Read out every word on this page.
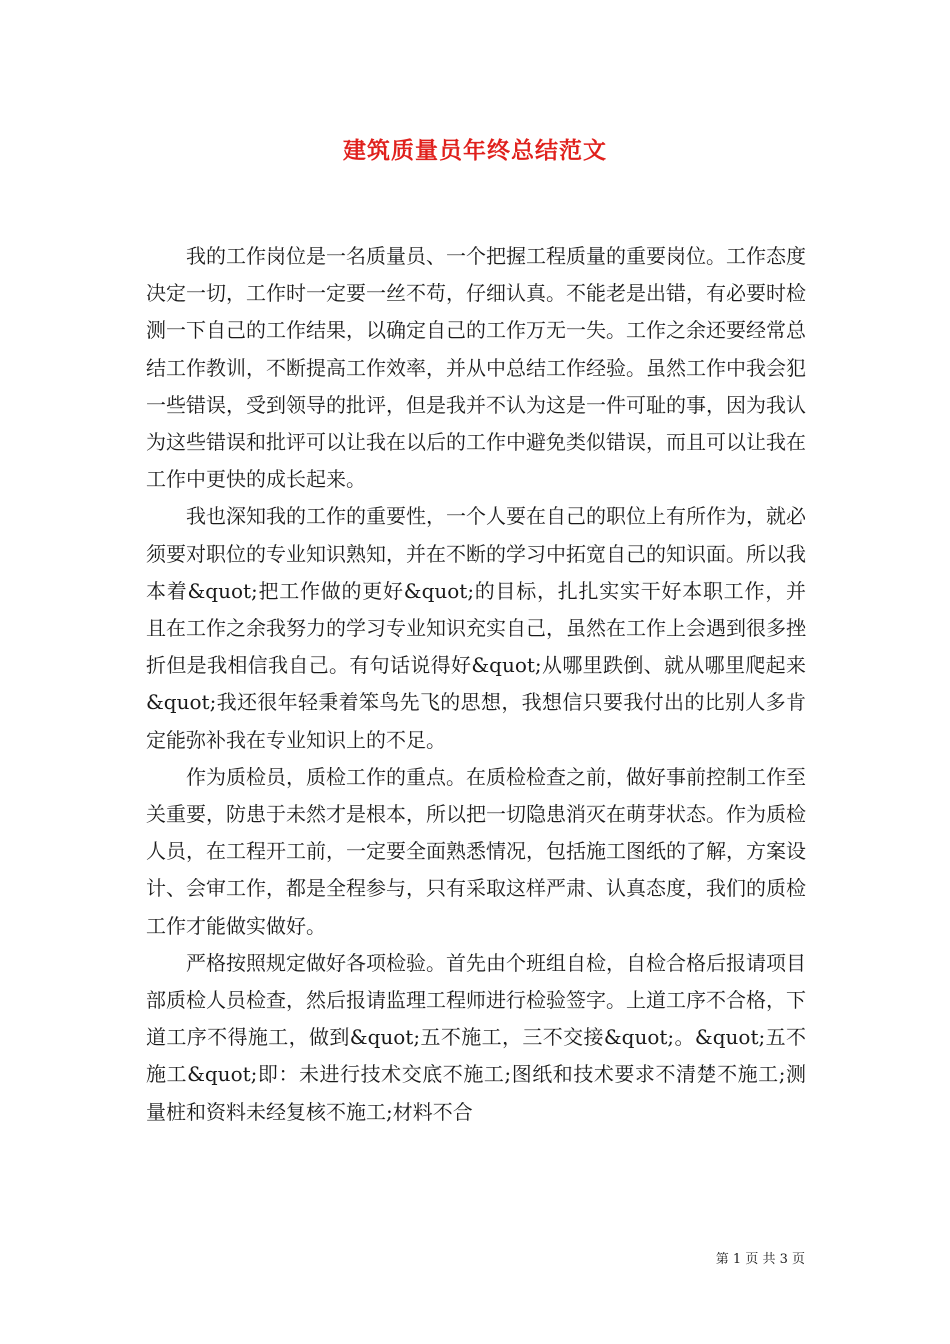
建筑质量员年终总结范文

我的工作岗位是一名质量员、一个把握工程质量的重要岗位。工作态度决定一切，工作时一定要一丝不苟，仔细认真。不能老是出错，有必要时检测一下自己的工作结果，以确定自己的工作万无一失。工作之余还要经常总结工作教训，不断提高工作效率，并从中总结工作经验。虽然工作中我会犯一些错误，受到领导的批评，但是我并不认为这是一件可耻的事，因为我认为这些错误和批评可以让我在以后的工作中避免类似错误，而且可以让我在工作中更快的成长起来。

我也深知我的工作的重要性，一个人要在自己的职位上有所作为，就必须要对职位的专业知识熟知，并在不断的学习中拓宽自己的知识面。所以我本着&quot;把工作做的更好&quot;的目标，扎扎实实干好本职工作，并且在工作之余我努力的学习专业知识充实自己，虽然在工作上会遇到很多挫折但是我相信我自己。有句话说得好&quot;从哪里跌倒、就从哪里爬起来&quot;我还很年轻秉着笨鸟先飞的思想，我想信只要我付出的比别人多肯定能弥补我在专业知识上的不足。

作为质检员，质检工作的重点。在质检检查之前，做好事前控制工作至关重要，防患于未然才是根本，所以把一切隐患消灭在萌芽状态。作为质检人员，在工程开工前，一定要全面熟悉情况，包括施工图纸的了解，方案设计、会审工作，都是全程参与，只有采取这样严肃、认真态度，我们的质检工作才能做实做好。

严格按照规定做好各项检验。首先由个班组自检，自检合格后报请项目部质检人员检查，然后报请监理工程师进行检验签字。上道工序不合格，下道工序不得施工，做到&quot;五不施工，三不交接&quot;。&quot;五不施工&quot;即：未进行技术交底不施工;图纸和技术要求不清楚不施工;测量桩和资料未经复核不施工;材料不合

第 1 页 共 3 页
